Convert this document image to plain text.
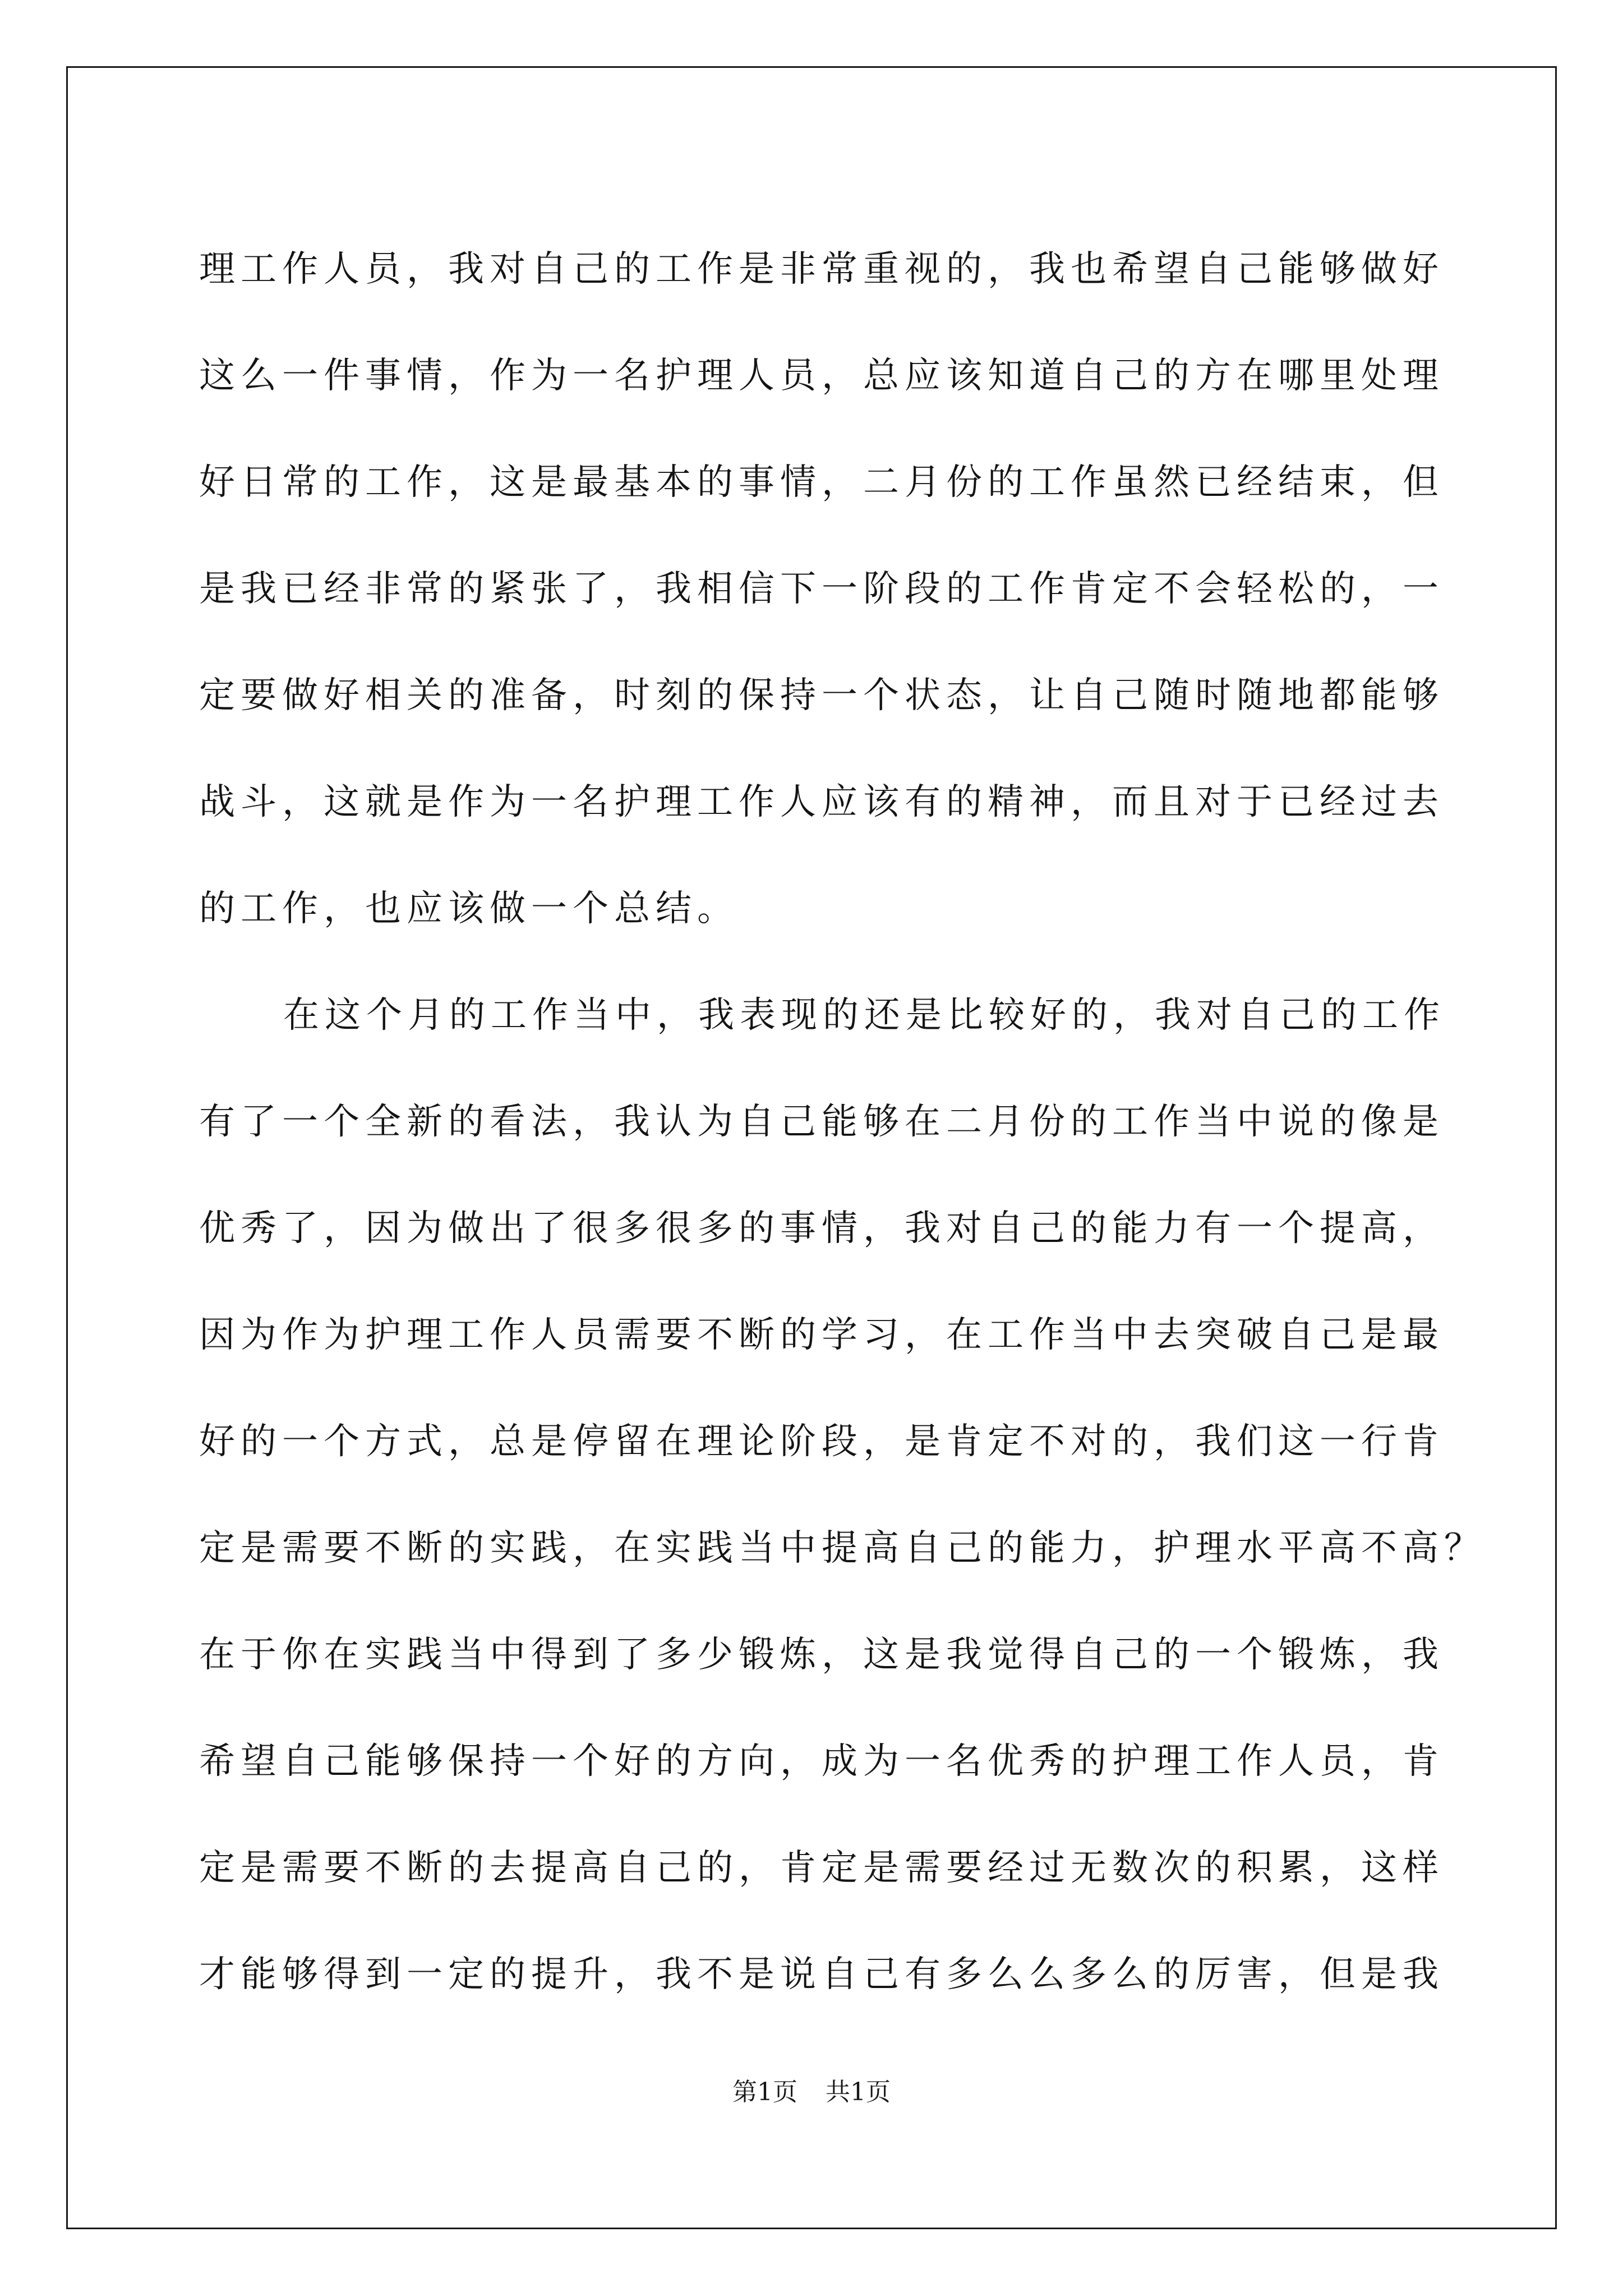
理工作人员，我对自己的工作是非常重视的，我也希望自己能够做好
这么一件事情，作为一名护理人员，总应该知道自己的方在哪里处理
好日常的工作，这是最基本的事情，二月份的工作虽然已经结束，但
是我已经非常的紧张了，我相信下一阶段的工作肯定不会轻松的，一
定要做好相关的准备，时刻的保持一个状态，让自己随时随地都能够
战斗，这就是作为一名护理工作人应该有的精神，而且对于已经过去
的工作，也应该做一个总结。
在这个月的工作当中，我表现的还是比较好的，我对自己的工作
有了一个全新的看法，我认为自己能够在二月份的工作当中说的像是
优秀了，因为做出了很多很多的事情，我对自己的能力有一个提高，
因为作为护理工作人员需要不断的学习，在工作当中去突破自己是最
好的一个方式，总是停留在理论阶段，是肯定不对的，我们这一行肯
定是需要不断的实践，在实践当中提高自己的能力，护理水平高不高？
在于你在实践当中得到了多少锻炼，这是我觉得自己的一个锻炼，我
希望自己能够保持一个好的方向，成为一名优秀的护理工作人员，肯
定是需要不断的去提高自己的，肯定是需要经过无数次的积累，这样
才能够得到一定的提升，我不是说自己有多么么多么的厉害，但是我
第1页 共1页
